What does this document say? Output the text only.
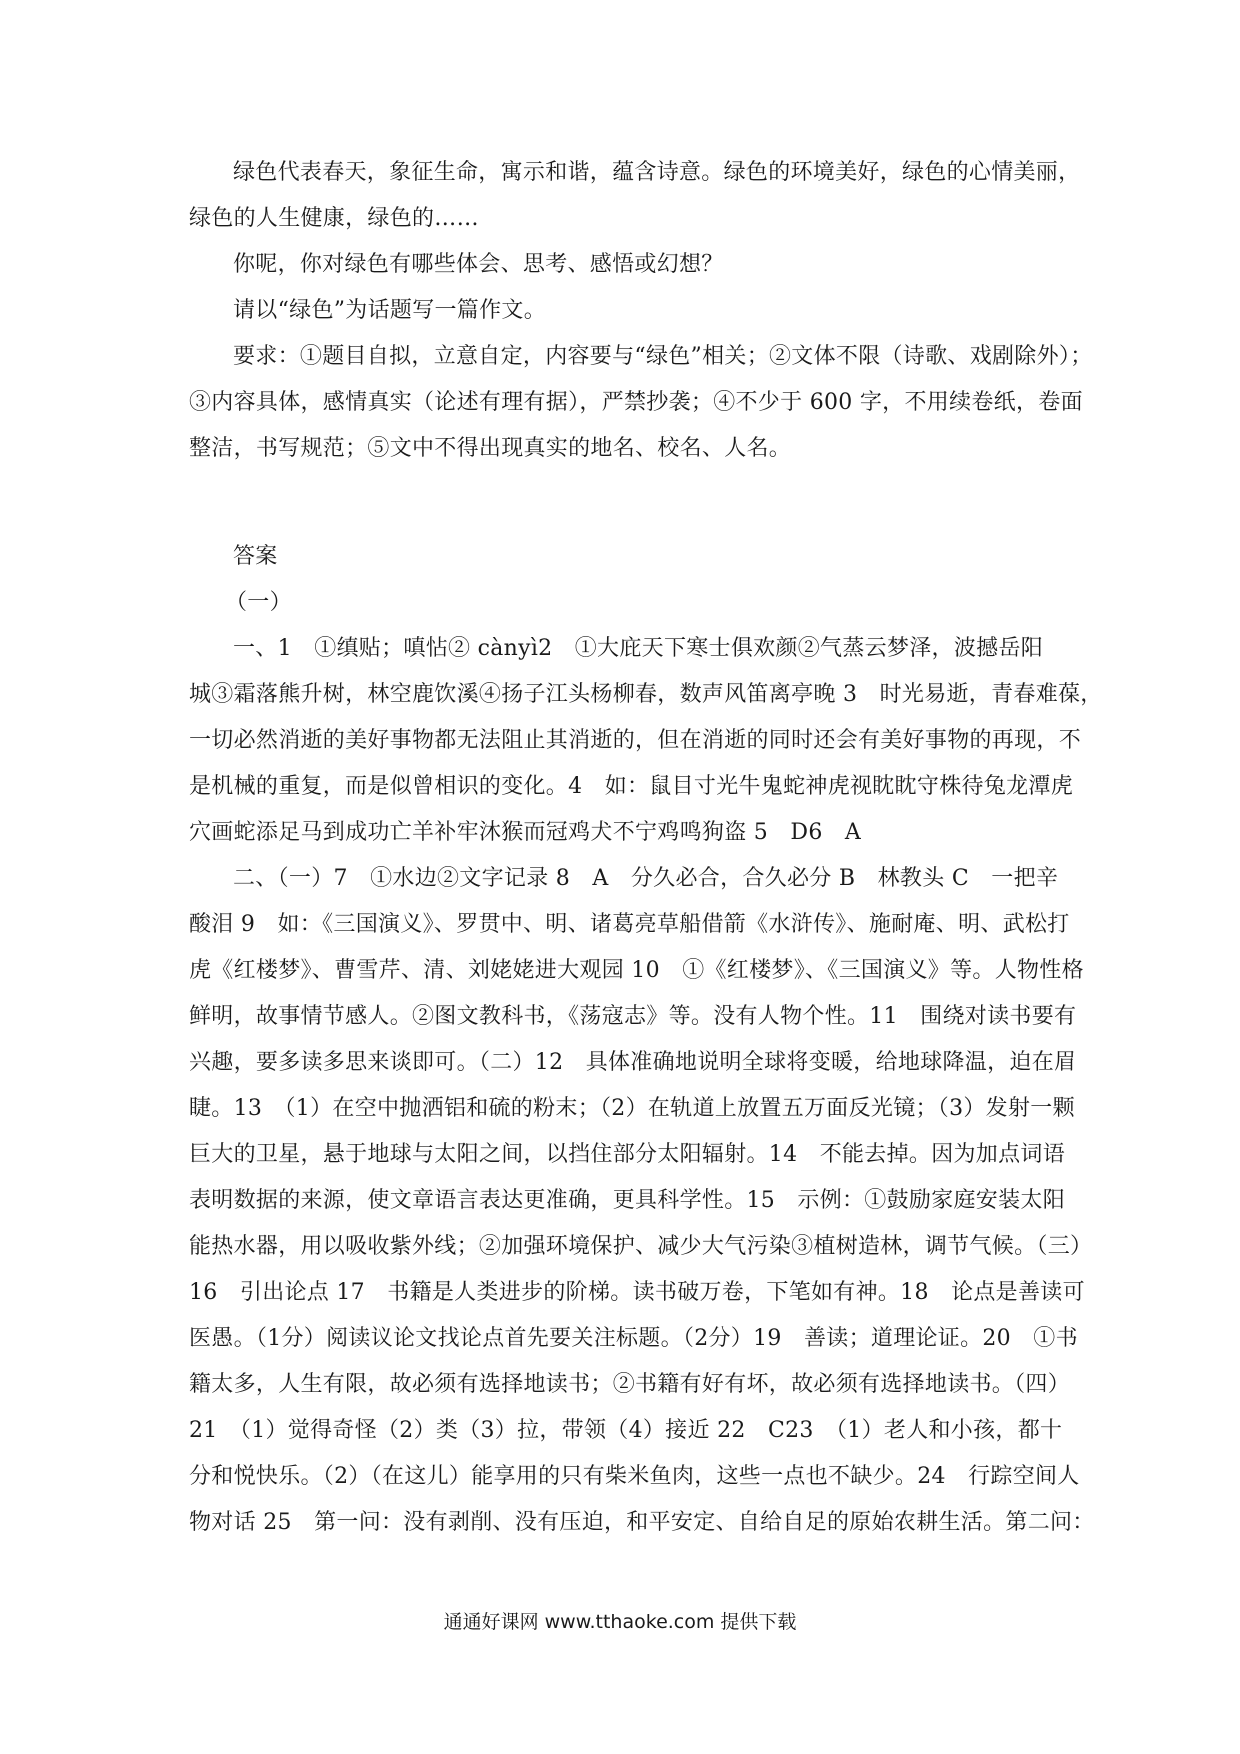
绿色代表春天，象征生命，寓示和谐，蕴含诗意。绿色的环境美好，绿色的心情美丽，
绿色的人生健康，绿色的……
你呢，你对绿色有哪些体会、思考、感悟或幻想？
请以“绿色”为话题写一篇作文。
要求：①题目自拟，立意自定，内容要与“绿色”相关；②文体不限（诗歌、戏剧除外）；
③内容具体，感情真实（论述有理有据），严禁抄袭；④不少于 600 字，不用续卷纸，卷面
整洁，书写规范；⑤文中不得出现真实的地名、校名、人名。
答案
（一）
一、1　①缜贴；嗔怗② cànyì2　①大庇天下寒士俱欢颜②气蒸云梦泽，波撼岳阳
城③霜落熊升树，林空鹿饮溪④扬子江头杨柳春，数声风笛离亭晚 3　时光易逝，青春难葆，
一切必然消逝的美好事物都无法阻止其消逝的，但在消逝的同时还会有美好事物的再现，不
是机械的重复，而是似曾相识的变化。4　如：鼠目寸光牛鬼蛇神虎视眈眈守株待兔龙潭虎
穴画蛇添足马到成功亡羊补牢沐猴而冠鸡犬不宁鸡鸣狗盗 5　D6　A
二、（一）7　①水边②文字记录 8　A　分久必合，合久必分 B　林教头 C　一把辛
酸泪 9　如：《三国演义》、罗贯中、明、诸葛亮草船借箭《水浒传》、施耐庵、明、武松打
虎《红楼梦》、曹雪芹、清、刘姥姥进大观园 10　①《红楼梦》、《三国演义》等。人物性格
鲜明，故事情节感人。②图文教科书，《荡寇志》等。没有人物个性。11　围绕对读书要有
兴趣，要多读多思来谈即可。（二）12　具体准确地说明全球将变暖，给地球降温，迫在眉
睫。13　（1）在空中抛洒铝和硫的粉末；（2）在轨道上放置五万面反光镜；（3）发射一颗
巨大的卫星，悬于地球与太阳之间，以挡住部分太阳辐射。14　不能去掉。因为加点词语
表明数据的来源，使文章语言表达更准确，更具科学性。15　示例：①鼓励家庭安装太阳
能热水器，用以吸收紫外线；②加强环境保护、减少大气污染③植树造林，调节气候。（三）
16　引出论点 17　书籍是人类进步的阶梯。读书破万卷，下笔如有神。18　论点是善读可
医愚。（1分）阅读议论文找论点首先要关注标题。（2分）19　善读；道理论证。20　①书
籍太多，人生有限，故必须有选择地读书；②书籍有好有坏，故必须有选择地读书。（四）
21　（1）觉得奇怪（2）类（3）拉，带领（4）接近 22　C23　（1）老人和小孩，都十
分和悦快乐。（2）（在这儿）能享用的只有柴米鱼肉，这些一点也不缺少。24　行踪空间人
物对话 25　第一问：没有剥削、没有压迫，和平安定、自给自足的原始农耕生活。第二问：
通通好课网 www.tthaoke.com 提供下载
